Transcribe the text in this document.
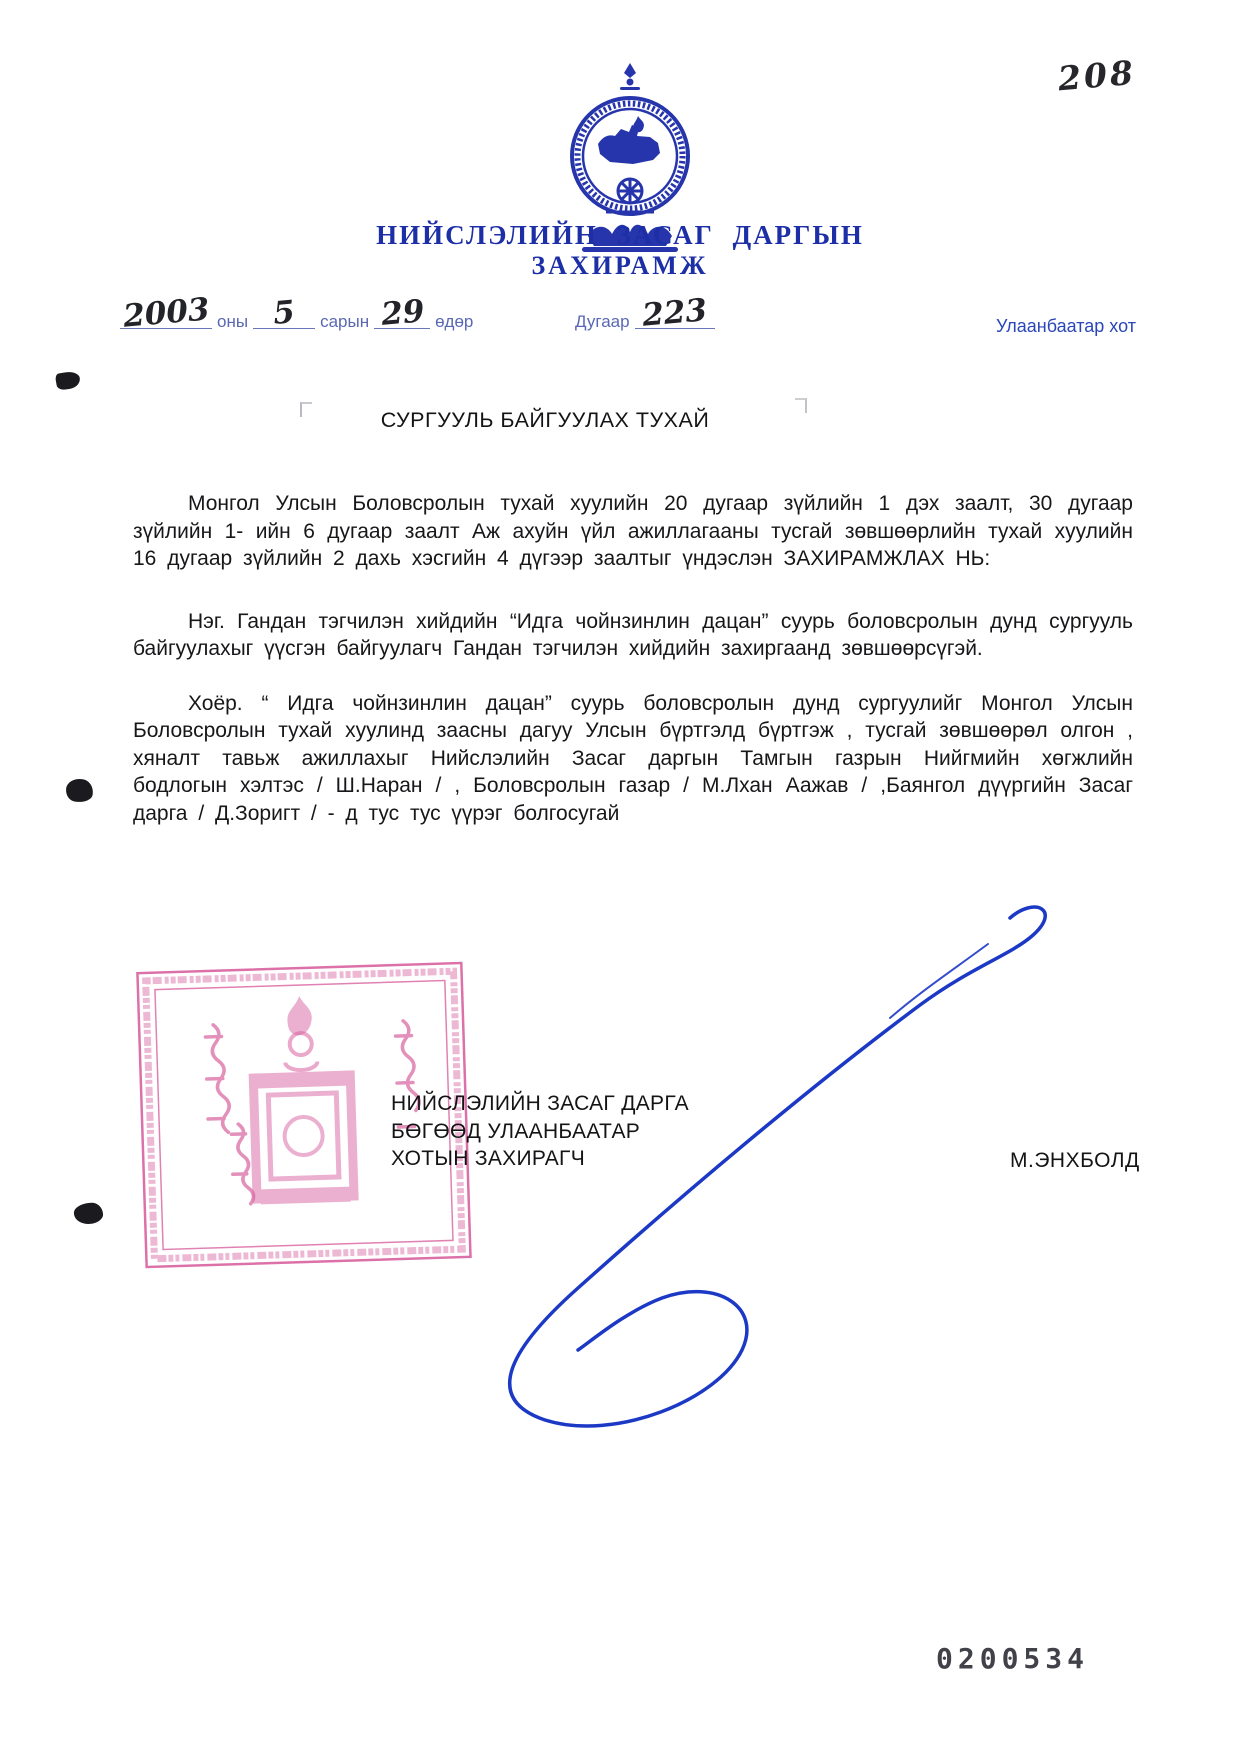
208
НИЙСЛЭЛИЙН ЗАСАГ ДАРГЫН
ЗАХИРАМЖ
2003 оны 5 сарын 29 өдөр	Дугаар 223	Улаанбаатар хот
СУРГУУЛЬ БАЙГУУЛАХ ТУХАЙ

Монгол Улсын Боловсролын тухай хуулийн 20 дугаар зүйлийн 1 дэх заалт, 30 дугаар зүйлийн 1- ийн 6 дугаар заалт Аж ахуйн үйл ажиллагааны тусгай зөвшөөрлийн тухай хуулийн 16 дугаар зүйлийн 2 дахь хэсгийн 4 дүгээр заалтыг үндэслэн ЗАХИРАМЖЛАХ НЬ:

Нэг. Гандан тэгчилэн хийдийн “Идга чойнзинлин дацан” суурь боловсролын дунд сургууль байгуулахыг үүсгэн байгуулагч Гандан тэгчилэн хийдийн захиргаанд зөвшөөрсүгэй.

Хоёр. “ Идга чойнзинлин дацан” суурь боловсролын дунд сургуулийг Монгол Улсын Боловсролын тухай хуулинд заасны дагуу Улсын бүртгэлд бүртгэж , тусгай зөвшөөрөл олгон , хяналт тавьж ажиллахыг Нийслэлийн Засаг даргын Тамгын газрын Нийгмийн хөгжлийн бодлогын хэлтэс / Ш.Наран / , Боловсролын газар / М.Лхан Аажав / ,Баянгол дүүргийн Засаг дарга / Д.Зоригт / - д тус тус үүрэг болгосугай

НИЙСЛЭЛИЙН ЗАСАГ ДАРГА
БӨГӨӨД УЛААНБААТАР
ХОТЫН ЗАХИРАГЧ	М.ЭНХБОЛД
0200534
